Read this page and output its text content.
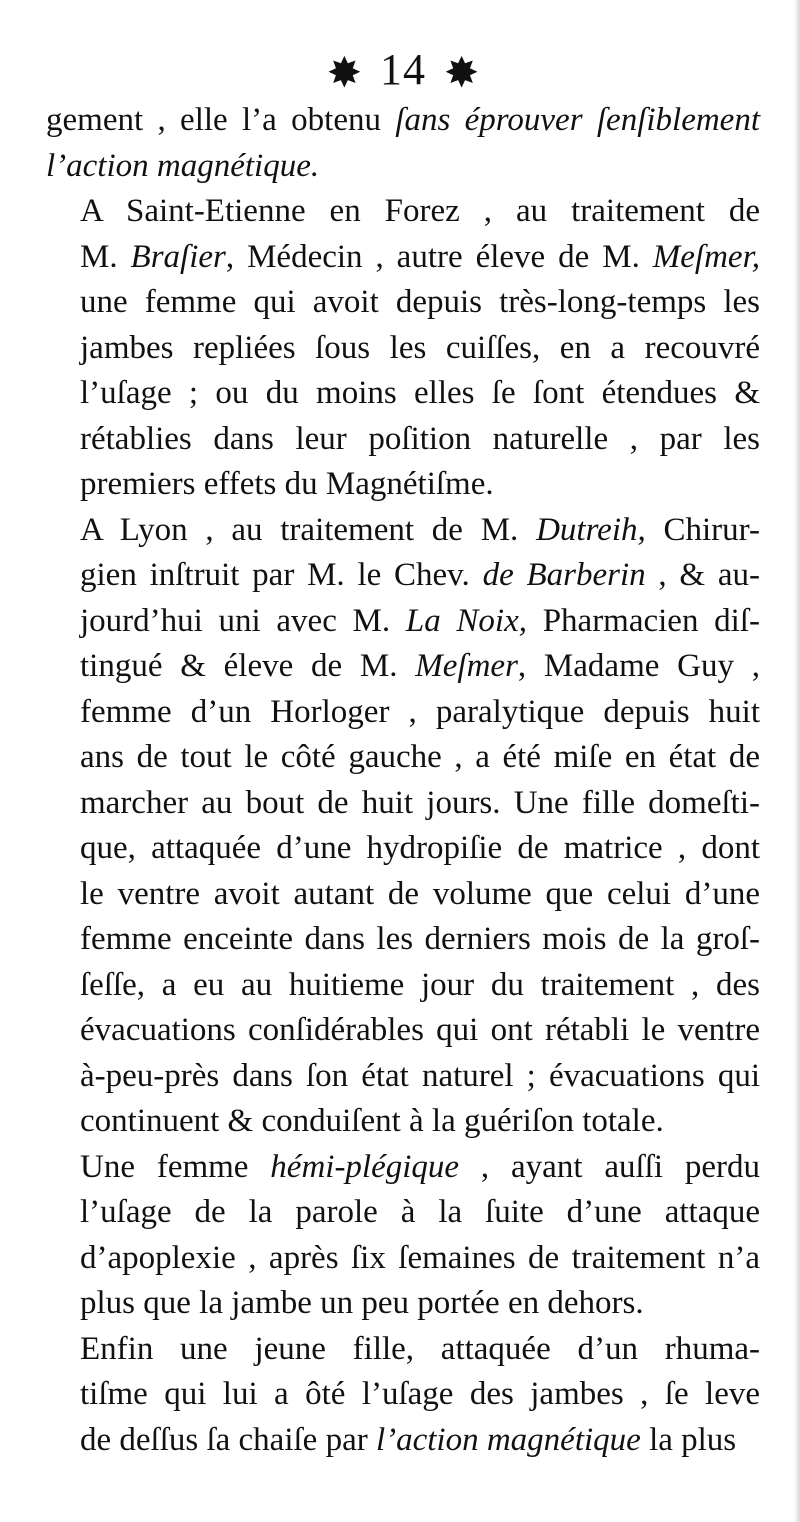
✸ 14 ✸

gement , elle l’a obtenu ſans éprouver ſenſiblement
l’action magnétique.

A Saint-Etienne en Forez , au traitement de
M. Braſier, Médecin , autre éleve de M. Meſmer,
une femme qui avoit depuis très-long-temps les
jambes repliées ſous les cuiſſes, en a recouvré
l’uſage ; ou du moins elles ſe ſont étendues &
rétablies dans leur poſition naturelle , par les
premiers effets du Magnétiſme.

A Lyon , au traitement de M. Dutreih, Chirur-
gien inſtruit par M. le Chev. de Barberin , & au-
jourd’hui uni avec M. La Noix, Pharmacien diſ-
tingué & éleve de M. Meſmer, Madame Guy ,
femme d’un Horloger , paralytique depuis huit
ans de tout le côté gauche , a été miſe en état de
marcher au bout de huit jours. Une fille domeſti-
que, attaquée d’une hydropiſie de matrice , dont
le ventre avoit autant de volume que celui d’une
femme enceinte dans les derniers mois de la groſ-
ſeſſe, a eu au huitieme jour du traitement , des
évacuations conſidérables qui ont rétabli le ventre
à-peu-près dans ſon état naturel ; évacuations qui
continuent & conduiſent à la guériſon totale.

Une femme hémi-plégique , ayant auſſi perdu
l’uſage de la parole à la ſuite d’une attaque
d’apoplexie , après ſix ſemaines de traitement n’a
plus que la jambe un peu portée en dehors.

Enfin une jeune fille, attaquée d’un rhuma-
tiſme qui lui a ôté l’uſage des jambes , ſe leve
de deſſus ſa chaiſe par l’action magnétique la plus
